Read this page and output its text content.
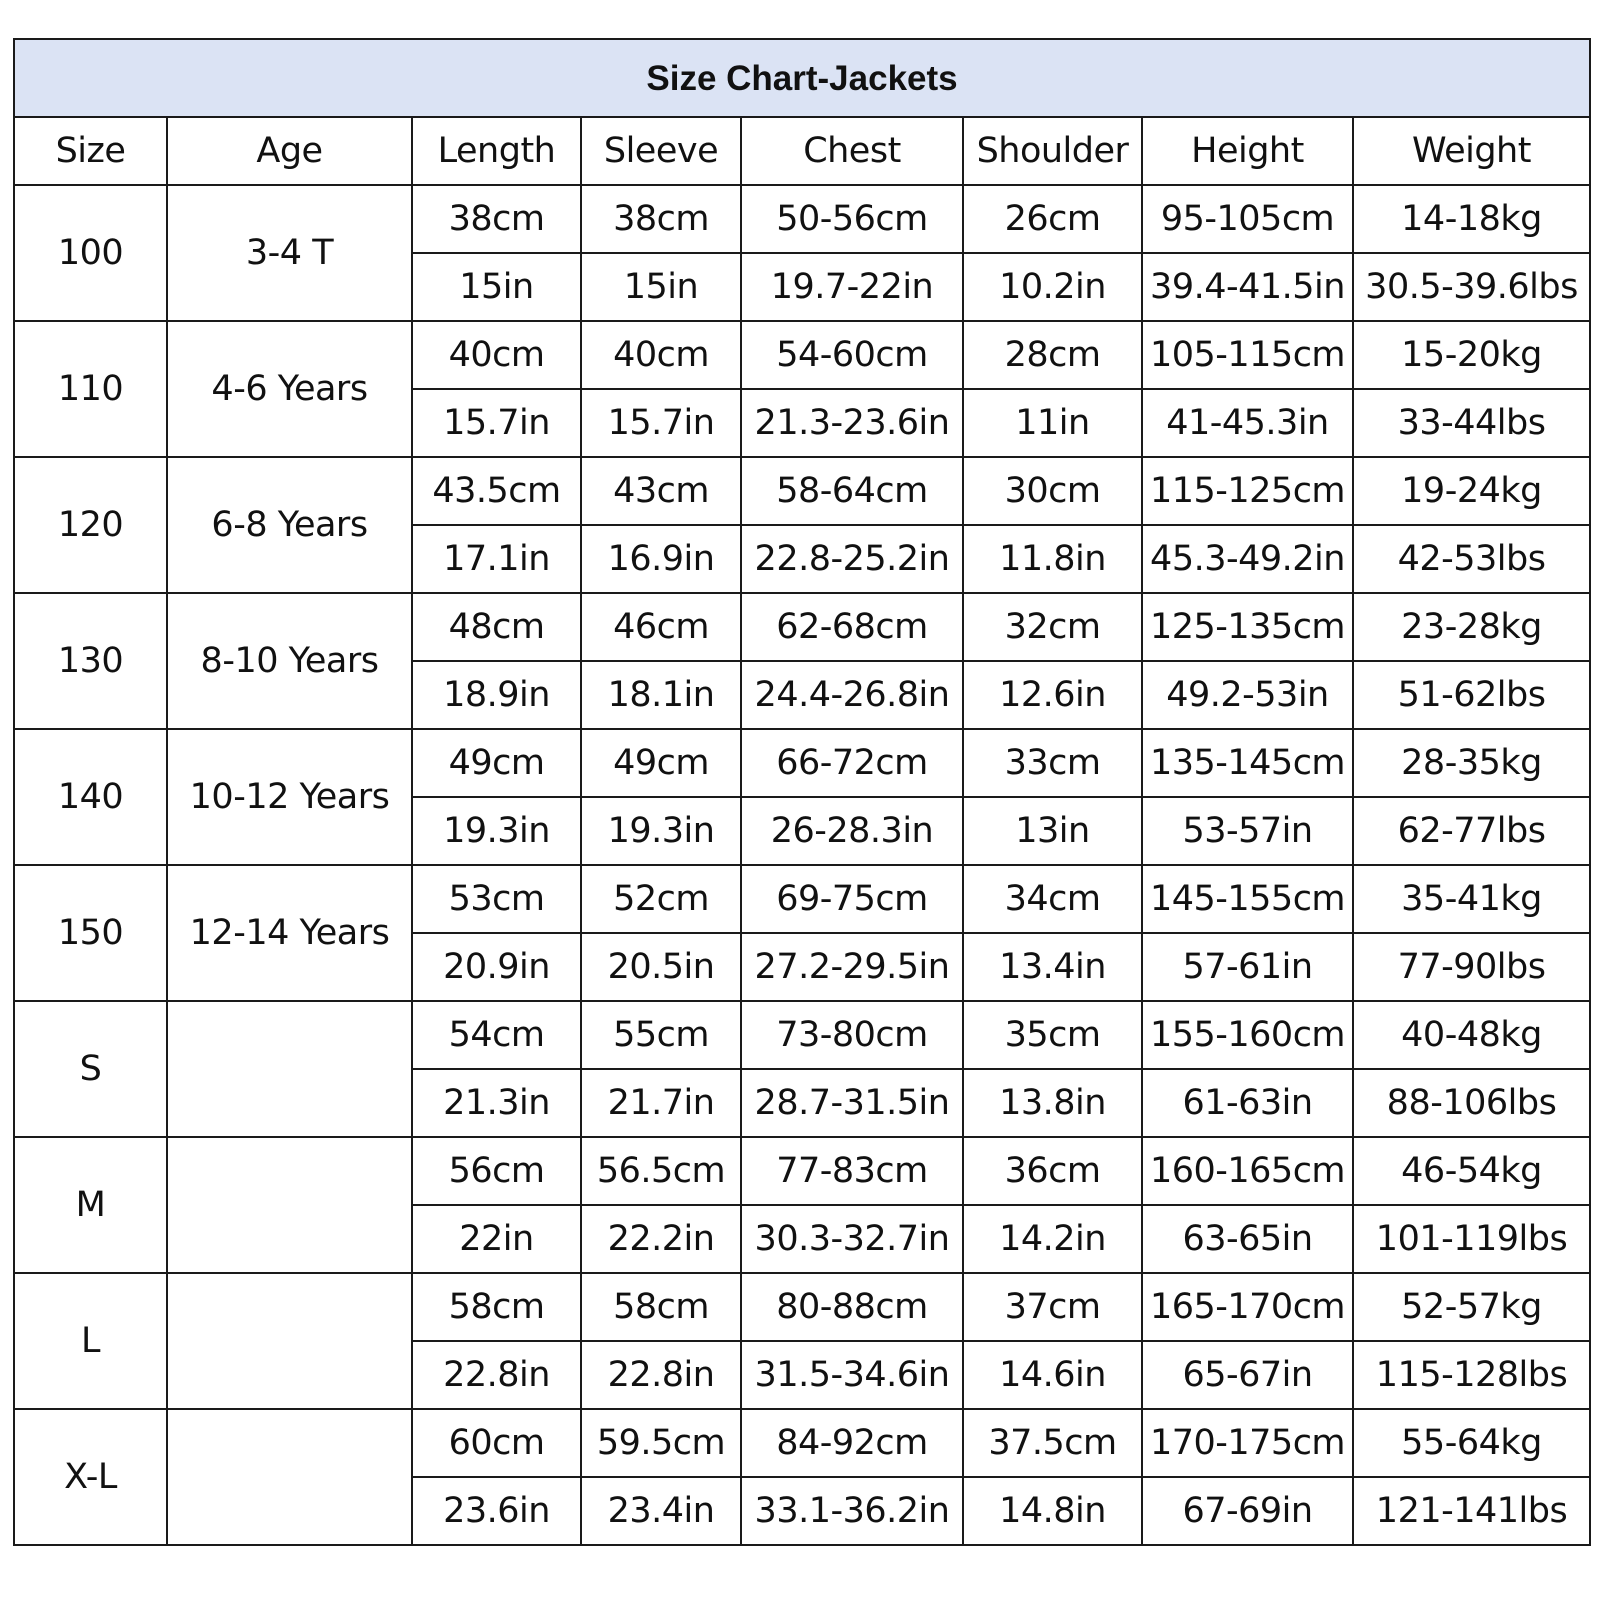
Size Chart-Jackets							
Size	Age	Length	Sleeve	Chest	Shoulder	Height	Weight
100	3-4 T	38cm	38cm	50-56cm	26cm	95-105cm	14-18kg
		15in	15in	19.7-22in	10.2in	39.4-41.5in	30.5-39.6lbs
110	4-6 Years	40cm	40cm	54-60cm	28cm	105-115cm	15-20kg
		15.7in	15.7in	21.3-23.6in	11in	41-45.3in	33-44lbs
120	6-8 Years	43.5cm	43cm	58-64cm	30cm	115-125cm	19-24kg
		17.1in	16.9in	22.8-25.2in	11.8in	45.3-49.2in	42-53lbs
130	8-10 Years	48cm	46cm	62-68cm	32cm	125-135cm	23-28kg
		18.9in	18.1in	24.4-26.8in	12.6in	49.2-53in	51-62lbs
140	10-12 Years	49cm	49cm	66-72cm	33cm	135-145cm	28-35kg
		19.3in	19.3in	26-28.3in	13in	53-57in	62-77lbs
150	12-14 Years	53cm	52cm	69-75cm	34cm	145-155cm	35-41kg
		20.9in	20.5in	27.2-29.5in	13.4in	57-61in	77-90lbs
S		54cm	55cm	73-80cm	35cm	155-160cm	40-48kg
		21.3in	21.7in	28.7-31.5in	13.8in	61-63in	88-106lbs
M		56cm	56.5cm	77-83cm	36cm	160-165cm	46-54kg
		22in	22.2in	30.3-32.7in	14.2in	63-65in	101-119lbs
L		58cm	58cm	80-88cm	37cm	165-170cm	52-57kg
		22.8in	22.8in	31.5-34.6in	14.6in	65-67in	115-128lbs
X-L		60cm	59.5cm	84-92cm	37.5cm	170-175cm	55-64kg
		23.6in	23.4in	33.1-36.2in	14.8in	67-69in	121-141lbs
